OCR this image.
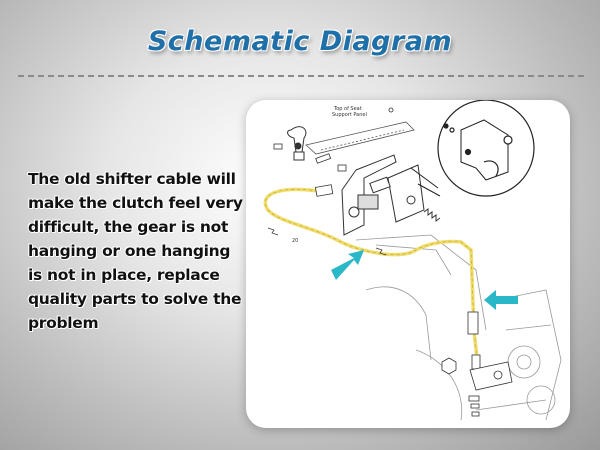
Schematic Diagram
The old shifter cable will make the clutch feel very difficult, the gear is not hanging or one hanging is not in place, replace quality parts to solve the problem
Top of Seat
Support Panel
20
